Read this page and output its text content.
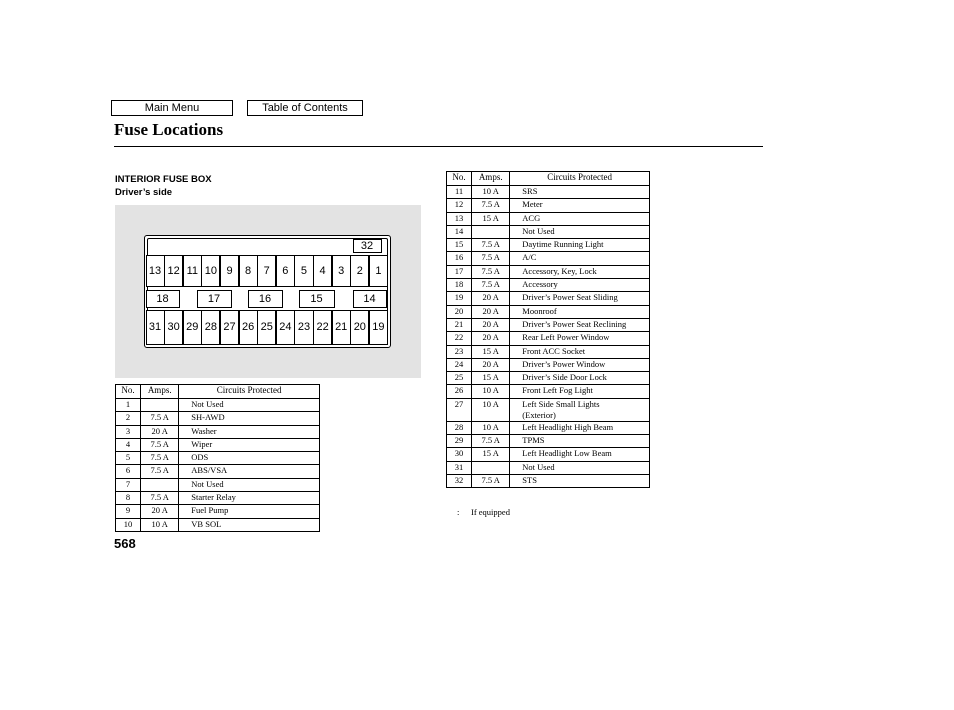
Main Menu	Table of Contents
Fuse Locations
INTERIOR FUSE BOX
Driver’s side
13 12 11 10 9	8	7	6	5	4	3	2	1
31 30 29 28 27 26 25 24 23 22 21 20 19
18	17	16	15	14
32
No.	Amps.	Circuits Protected
1		Not Used
2	7.5 A	SH-AWD
3	20 A	Washer
4	7.5 A	Wiper
5	7.5 A	ODS
6	7.5 A	ABS/VSA
7		Not Used
8	7.5 A	Starter Relay
9	20 A	Fuel Pump
10	10 A	VB SOL
No.	Amps.	Circuits Protected
11	10 A	SRS
12	7.5 A	Meter
13	15 A	ACG
14		Not Used
15	7.5 A	Daytime Running Light
16	7.5 A	A/C
17	7.5 A	Accessory, Key, Lock
18	7.5 A	Accessory
19	20 A	Driver’s Power Seat Sliding
20	20 A	Moonroof
21	20 A	Driver’s Power Seat Reclining
22	20 A	Rear Left Power Window
23	15 A	Front ACC Socket
24	20 A	Driver’s Power Window
25	15 A	Driver’s Side Door Lock
26	10 A	Front Left Fog Light
27	10 A	Left Side Small Lights
(Exterior)

28	10 A	Left Headlight High Beam
29	7.5 A	TPMS
30	15 A	Left Headlight Low Beam
31		Not Used
32	7.5 A	STS
: If equipped
568
